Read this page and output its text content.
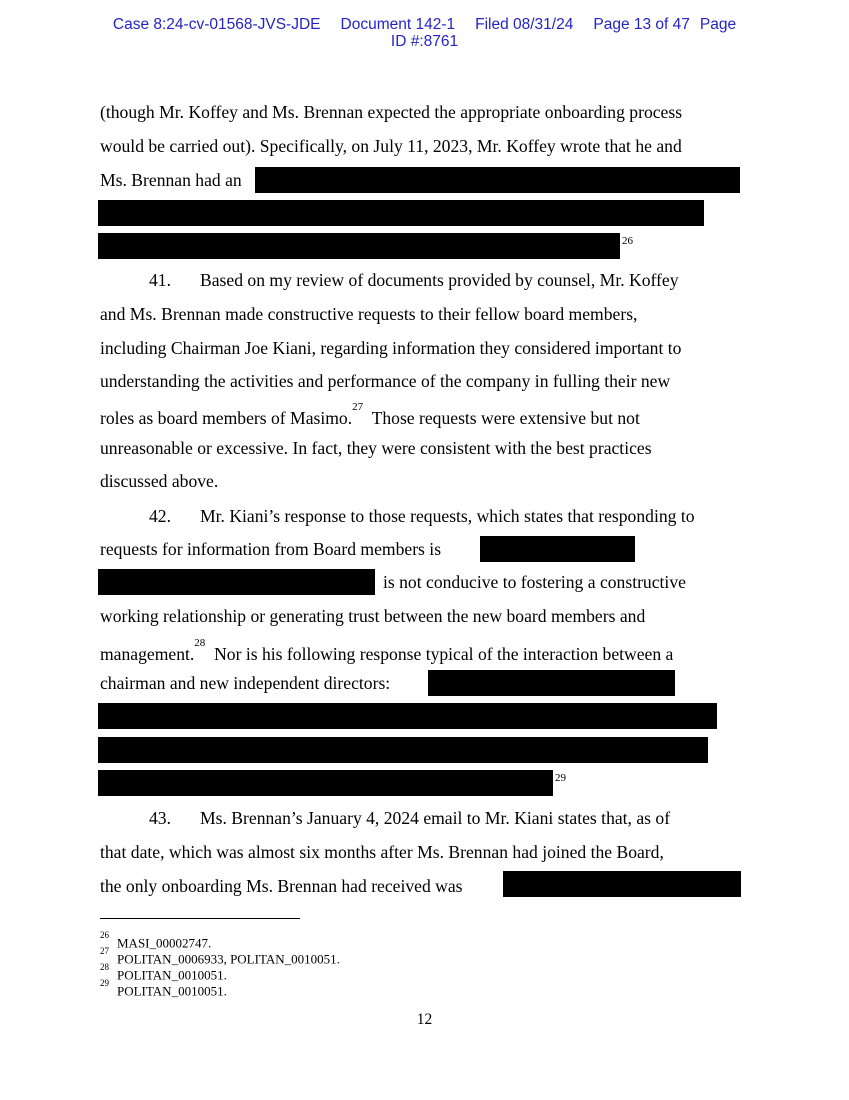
Case 8:24-cv-01568-JVS-JDE Document 142-1 Filed 08/31/24 Page 13 of 47 Page
ID #:8761
(though Mr. Koffey and Ms. Brennan expected the appropriate onboarding process
would be carried out). Specifically, on July 11, 2023, Mr. Koffey wrote that he and
Ms. Brennan had an
26
41. Based on my review of documents provided by counsel, Mr. Koffey
and Ms. Brennan made constructive requests to their fellow board members,
including Chairman Joe Kiani, regarding information they considered important to
understanding the activities and performance of the company in fulling their new
roles as board members of Masimo.$^{27}$  Those requests were extensive but not
unreasonable or excessive. In fact, they were consistent with the best practices
discussed above.
42. Mr. Kiani’s response to those requests, which states that responding to
requests for information from Board members is
is not conducive to fostering a constructive
working relationship or generating trust between the new board members and
management.$^{28}$  Nor is his following response typical of the interaction between a
chairman and new independent directors:
29
43. Ms. Brennan’s January 4, 2024 email to Mr. Kiani states that, as of
that date, which was almost six months after Ms. Brennan had joined the Board,
the only onboarding Ms. Brennan had received was
$^{26}$MASI_00002747.
$^{27}$POLITAN_0006933, POLITAN_0010051.
$^{28}$POLITAN_0010051.
$^{29}$POLITAN_0010051.
12
